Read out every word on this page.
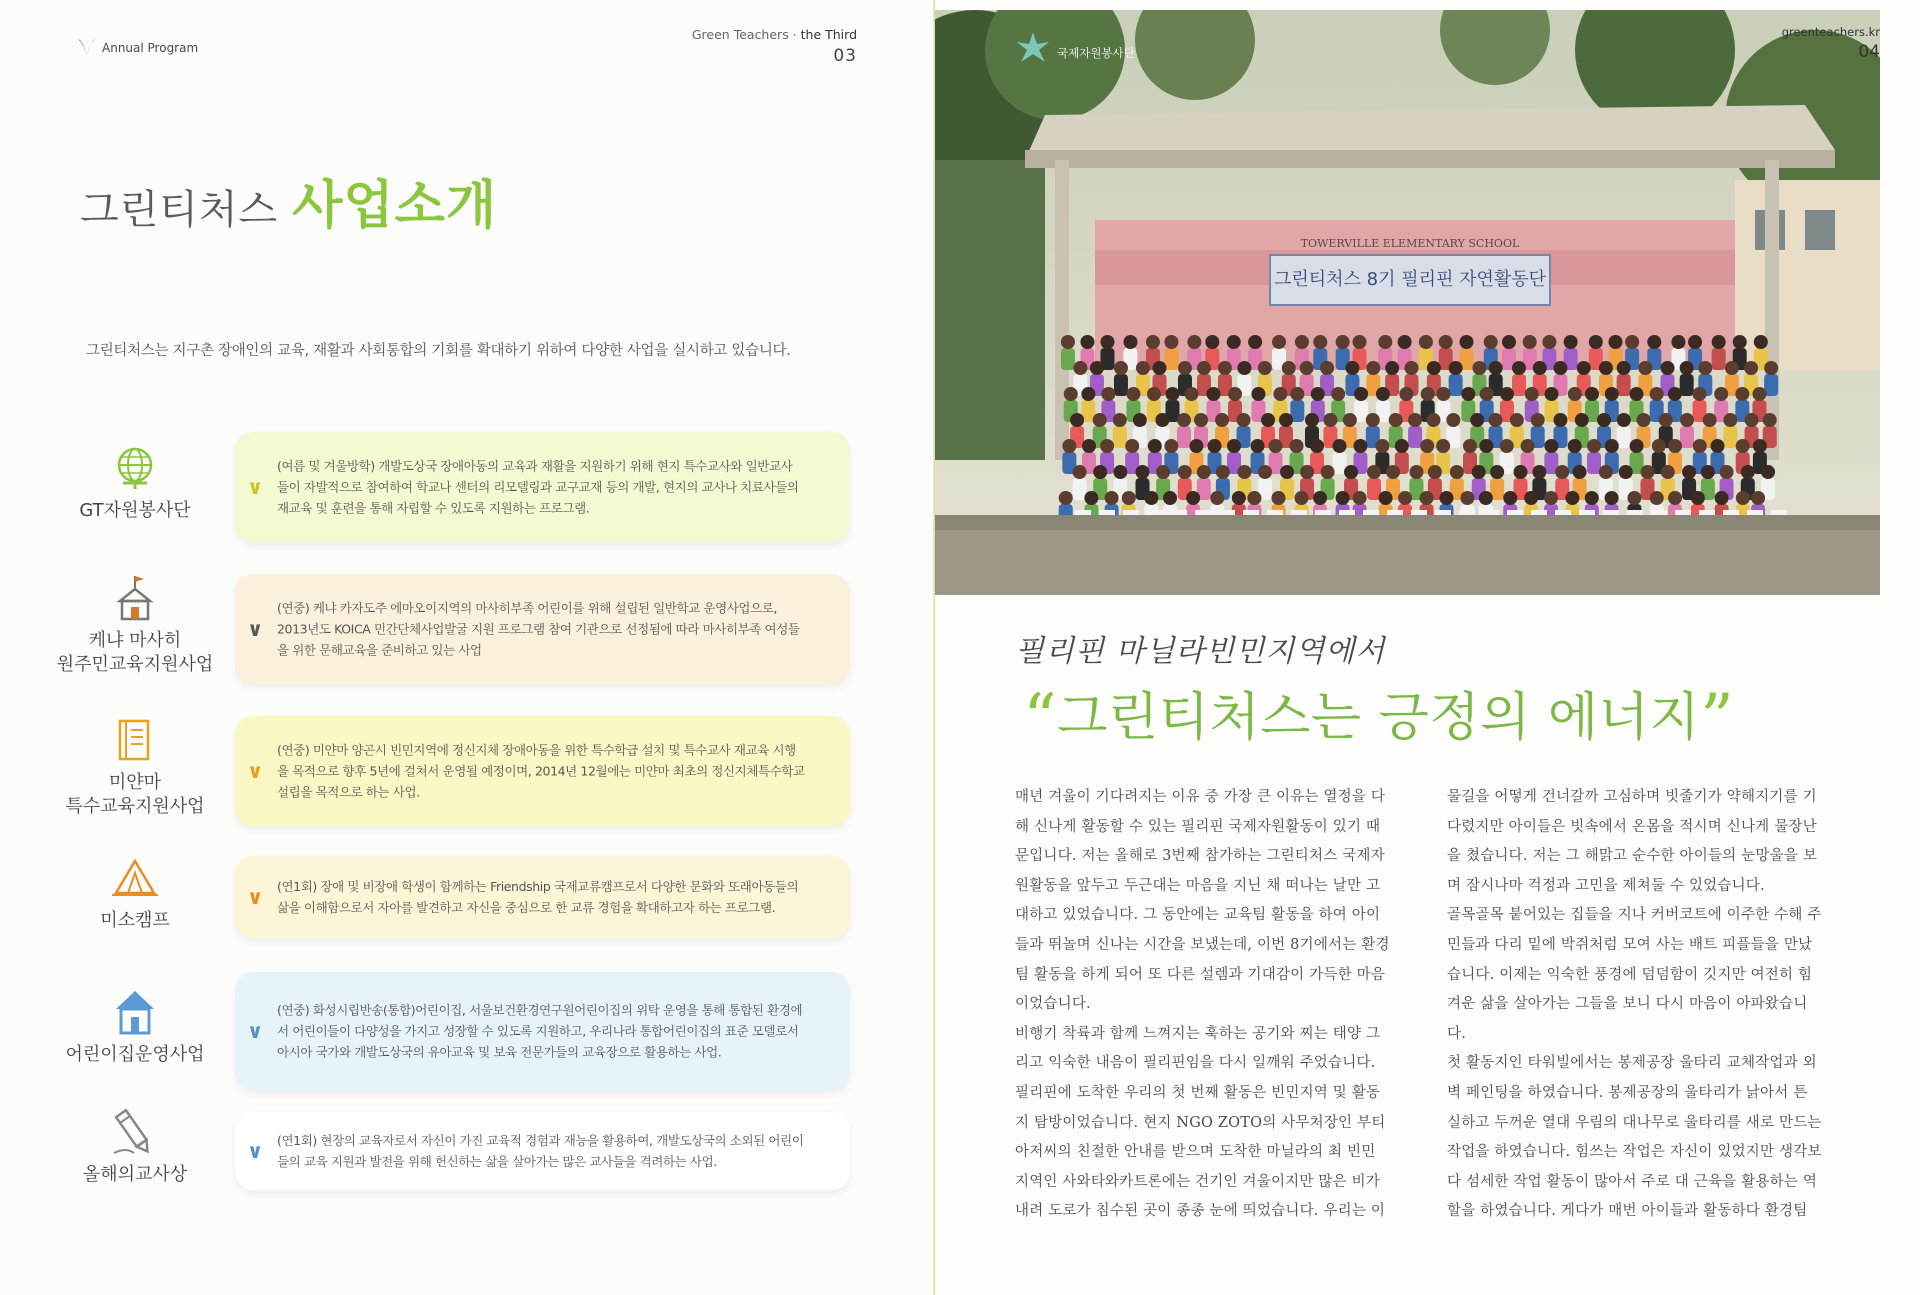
Annual Program
Green Teachers · the Third
03
그린티처스 사업소개
그린티처스는 지구촌 장애인의 교육, 재활과 사회통합의 기회를 확대하기 위하여 다양한 사업을 실시하고 있습니다.
GT자원봉사단
∨
(여름 및 겨울방학) 개발도상국 장애아동의 교육과 재활을 지원하기 위해 현지 특수교사와 일반교사
들이 자발적으로 참여하여 학교나 센터의 리모델링과 교구교재 등의 개발, 현지의 교사나 치료사들의
재교육 및 훈련을 통해 자립할 수 있도록 지원하는 프로그램.
케냐 마사히
원주민교육지원사업
∨
(연중) 케냐 카자도주 에마오이지역의 마사히부족 어린이를 위해 설립된 일반학교 운영사업으로,
2013년도 KOICA 민간단체사업발굴 지원 프로그램 참여 기관으로 선정됨에 따라 마사히부족 여성들
을 위한 문해교육을 준비하고 있는 사업
미얀마
특수교육지원사업
∨
(연중) 미얀마 양곤시 빈민지역에 정신지체 장애아동을 위한 특수학급 설치 및 특수교사 재교육 시행
을 목적으로 향후 5년에 걸쳐서 운영될 예정이며, 2014년 12월에는 미얀마 최초의 정신지체특수학교
설립을 목적으로 하는 사업.
미소캠프
∨ (연1회) 장애 및 비장애 학생이 함께하는 Friendship 국제교류캠프로서 다양한 문화와 또래아동들의
삶을 이해함으로서 자아를 발견하고 자신을 중심으로 한 교류 경험을 확대하고자 하는 프로그램.
어린이집운영사업
∨
(연중) 화성시립반송(통합)어린이집, 서울보건환경연구원어린이집의 위탁 운영을 통해 통합된 환경에
서 어린이들이 다양성을 가지고 성장할 수 있도록 지원하고, 우리나라 통합어린이집의 표준 모델로서
아시아 국가와 개발도상국의 유아교육 및 보육 전문가들의 교육장으로 활용하는 사업.
올해의교사상
∨ (연1회) 현장의 교육자로서 자신이 가진 교육적 경험과 재능을 활용하여, 개발도상국의 소외된 어린이
들의 교육 지원과 발전을 위해 헌신하는 삶을 살아가는 많은 교사들을 격려하는 사업.
TOWERVILLE ELEMENTARY SCHOOL
그린티처스 8기 필리핀 자연활동단
국제자원봉사단
greenteachers.kr
04
필리핀 마닐라빈민지역에서
“그린티처스는 긍정의 에너지”
매년 겨울이 기다려지는 이유 중 가장 큰 이유는 열정을 다
해 신나게 활동할 수 있는 필리핀 국제자원활동이 있기 때
문입니다. 저는 올해로 3번째 참가하는 그린티처스 국제자
원활동을 앞두고 두근대는 마음을 지닌 채 떠나는 날만 고
대하고 있었습니다. 그 동안에는 교육팀 활동을 하여 아이
들과 뛰놀며 신나는 시간을 보냈는데, 이번 8기에서는 환경
팀 활동을 하게 되어 또 다른 설렘과 기대감이 가득한 마음
이었습니다.
비행기 착륙과 함께 느껴지는 훅하는 공기와 찌는 태양 그
리고 익숙한 내음이 필리핀임을 다시 일깨워 주었습니다.
필리핀에 도착한 우리의 첫 번째 활동은 빈민지역 및 활동
지 탐방이었습니다. 현지 NGO ZOTO의 사무처장인 부티
아저씨의 친절한 안내를 받으며 도착한 마닐라의 최 빈민
지역인 사와타와카트론에는 건기인 겨울이지만 많은 비가
내려 도로가 침수된 곳이 종종 눈에 띄었습니다. 우리는 이
물길을 어떻게 건너갈까 고심하며 빗줄기가 약해지기를 기
다렸지만 아이들은 빗속에서 온몸을 적시며 신나게 물장난
을 쳤습니다. 저는 그 해맑고 순수한 아이들의 눈망울을 보
며 잠시나마 걱정과 고민을 제쳐둘 수 있었습니다.
골목골목 붙어있는 집들을 지나 커버코트에 이주한 수해 주
민들과 다리 밑에 박쥐처럼 모여 사는 배트 피플들을 만났
습니다. 이제는 익숙한 풍경에 덤덤함이 깃지만 여전히 힘
겨운 삶을 살아가는 그들을 보니 다시 마음이 아파왔습니
다.
첫 활동지인 타워빌에서는 봉제공장 울타리 교체작업과 외
벽 페인팅을 하였습니다. 봉제공장의 울타리가 낡아서 튼
실하고 두꺼운 열대 우림의 대나무로 울타리를 새로 만드는
작업을 하였습니다. 힘쓰는 작업은 자신이 있었지만 생각보
다 섬세한 작업 활동이 많아서 주로 대 근육을 활용하는 역
할을 하였습니다. 게다가 매번 아이들과 활동하다 환경팀
